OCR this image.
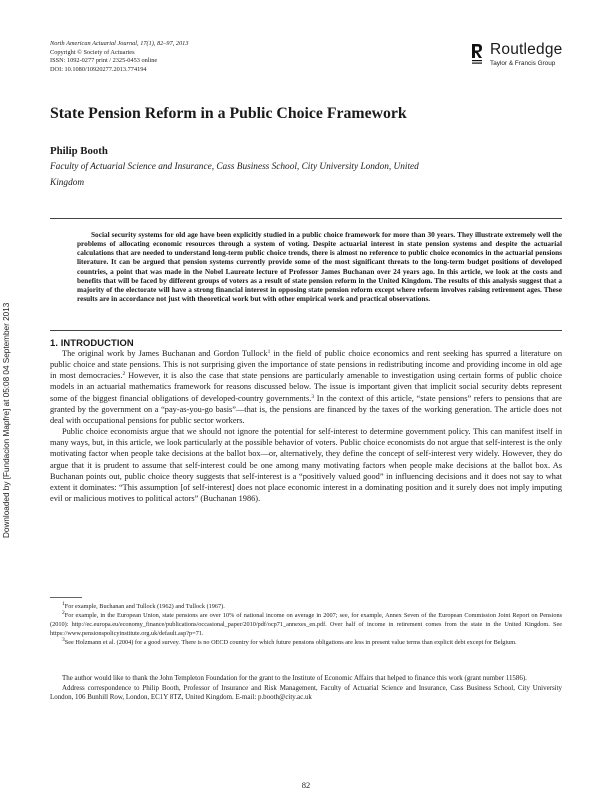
North American Actuarial Journal, 17(1), 82–97, 2013
Copyright © Society of Actuaries
ISSN: 1092-0277 print / 2325-0453 online
DOI: 10.1080/10920277.2013.774194
Routledge
Taylor & Francis Group
State Pension Reform in a Public Choice Framework
Philip Booth
Faculty of Actuarial Science and Insurance, Cass Business School, City University London, United Kingdom

Social security systems for old age have been explicitly studied in a public choice framework for more than 30 years. They illustrate extremely well the problems of allocating economic resources through a system of voting. Despite actuarial interest in state pension systems and despite the actuarial calculations that are needed to understand long-term public choice trends, there is almost no reference to public choice economics in the actuarial pensions literature. It can be argued that pension systems currently provide some of the most significant threats to the long-term budget positions of developed countries, a point that was made in the Nobel Laureate lecture of Professor James Buchanan over 24 years ago. In this article, we look at the costs and benefits that will be faced by different groups of voters as a result of state pension reform in the United Kingdom. The results of this analysis suggest that a majority of the electorate will have a strong financial interest in opposing state pension reform except where reform involves raising retirement ages. These results are in accordance not just with theoretical work but with other empirical work and practical observations.

1. INTRODUCTION

The original work by James Buchanan and Gordon Tullock$^1$ in the field of public choice economics and rent seeking has spurred a literature on public choice and state pensions. This is not surprising given the importance of state pensions in redistributing income and providing income in old age in most democracies.$^2$ However, it is also the case that state pensions are particularly amenable to investigation using certain forms of public choice models in an actuarial mathematics framework for reasons discussed below. The issue is important given that implicit social security debts represent some of the biggest financial obligations of developed-country governments.$^3$ In the context of this article, “state pensions” refers to pensions that are granted by the government on a “pay-as-you-go basis”—that is, the pensions are financed by the taxes of the working generation. The article does not deal with occupational pensions for public sector workers.

Public choice economists argue that we should not ignore the potential for self-interest to determine government policy. This can manifest itself in many ways, but, in this article, we look particularly at the possible behavior of voters. Public choice economists do not argue that self-interest is the only motivating factor when people take decisions at the ballot box—or, alternatively, they define the concept of self-interest very widely. However, they do argue that it is prudent to assume that self-interest could be one among many motivating factors when people make decisions at the ballot box. As Buchanan points out, public choice theory suggests that self-interest is a “positively valued good” in influencing decisions and it does not say to what extent it dominates: “This assumption [of self-interest] does not place economic interest in a dominating position and it surely does not imply imputing evil or malicious motives to political actors” (Buchanan 1986).

$^1$For example, Buchanan and Tullock (1962) and Tullock (1967).

$^2$For example, in the European Union, state pensions are over 10% of national income on average in 2007; see, for example, Annex Seven of the European Commission Joint Report on Pensions (2010): http://ec.europa.eu/economy_finance/publications/occasional_paper/2010/pdf/ocp71_annexes_en.pdf. Over half of income in retirement comes from the state in the United Kingdom. See https://www.pensionspolicyinstitute.org.uk/default.asp?p=71.

$^3$See Holzmann et al. (2004) for a good survey. There is no OECD country for which future pensions obligations are less in present value terms than explicit debt except for Belgium.

The author would like to thank the John Templeton Foundation for the grant to the Institute of Economic Affairs that helped to finance this work (grant number 11586).

Address correspondence to Philip Booth, Professor of Insurance and Risk Management, Faculty of Actuarial Science and Insurance, Cass Business School, City University London, 106 Bunhill Row, London, EC1Y 8TZ, United Kingdom. E-mail: p.booth@city.ac.uk

82
Downloaded by [Fundacion Mapfre] at 05:08 04 September 2013
